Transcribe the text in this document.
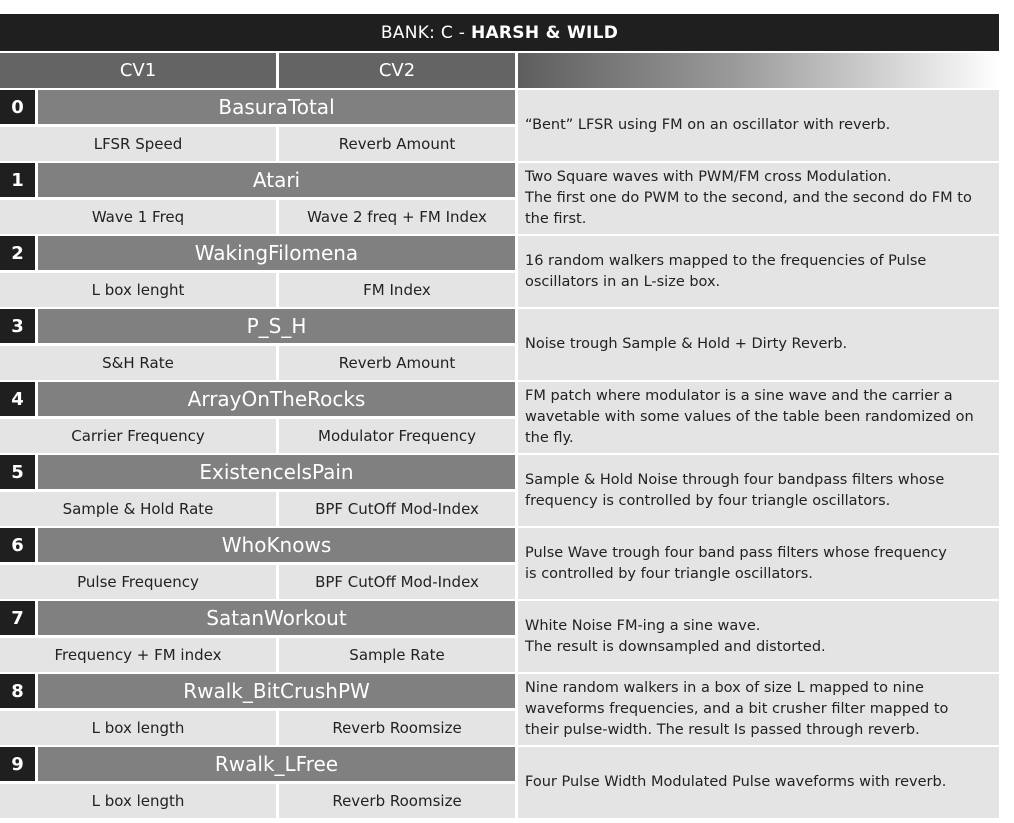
BANK: C - HARSH & WILD
CV1	CV2
0	BasuraTotal
LFSR Speed	Reverb Amount
“Bent” LFSR using FM on an oscillator with reverb.
1	Atari
Wave 1 Freq	Wave 2 freq + FM Index
Two Square waves with PWM/FM cross Modulation.
The first one do PWM to the second, and the second do FM to the first.
2	WakingFilomena
L box lenght	FM Index
16 random walkers mapped to the frequencies of Pulse oscillators in an L-size box.
3	P_S_H
S&H Rate	Reverb Amount
Noise trough Sample & Hold + Dirty Reverb.
4	ArrayOnTheRocks
Carrier Frequency	Modulator Frequency
FM patch where modulator is a sine wave and the carrier a wavetable with some values of the table been randomized on the fly.
5	ExistencelsPain
Sample & Hold Rate	BPF CutOff Mod-Index
Sample & Hold Noise through four bandpass filters whose frequency is controlled by four triangle oscillators.
6	WhoKnows
Pulse Frequency	BPF CutOff Mod-Index
Pulse Wave trough four band pass filters whose frequency
is controlled by four triangle oscillators.
7	SatanWorkout
Frequency + FM index	Sample Rate
White Noise FM-ing a sine wave.
The result is downsampled and distorted.
8	Rwalk_BitCrushPW
L box length	Reverb Roomsize
Nine random walkers in a box of size L mapped to nine
waveforms frequencies, and a bit crusher filter mapped to
their pulse-width. The result Is passed through reverb.
9	Rwalk_LFree
L box length	Reverb Roomsize
Four Pulse Width Modulated Pulse waveforms with reverb.
